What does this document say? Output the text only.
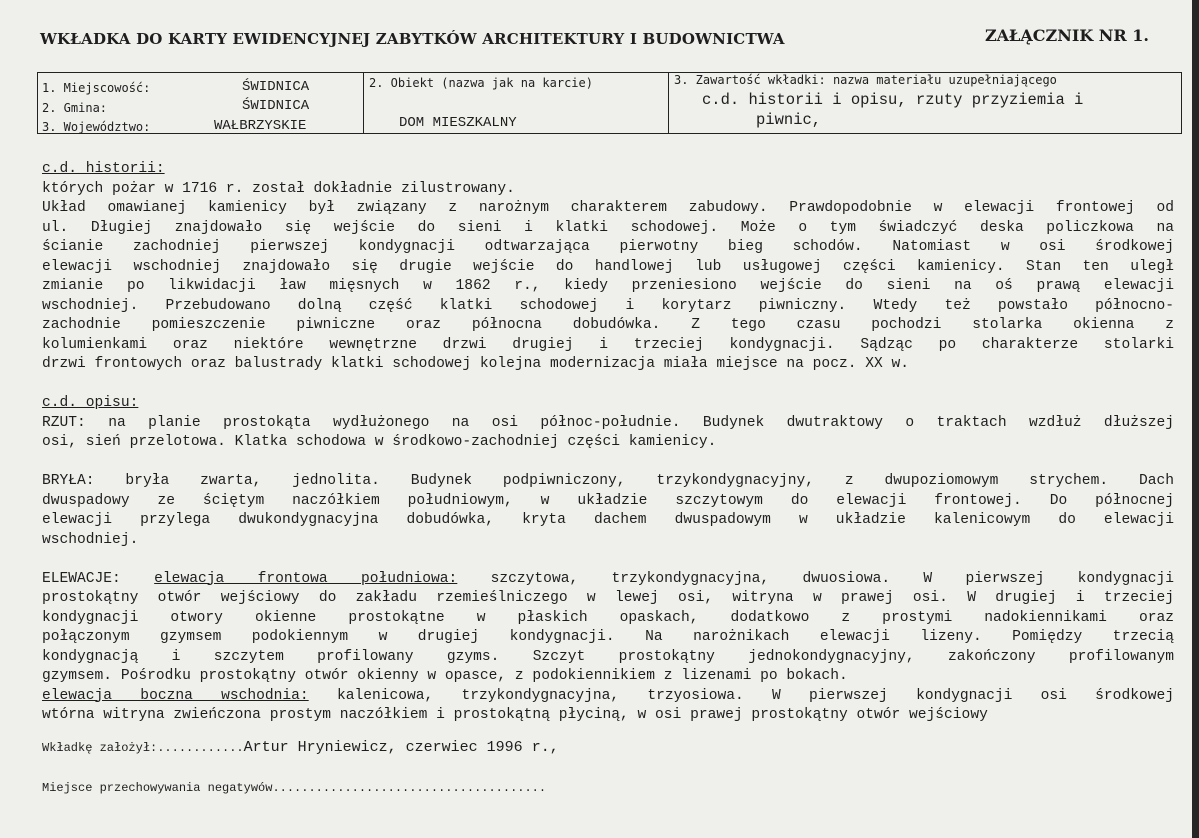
WKŁADKA DO KARTY EWIDENCYJNEJ ZABYTKÓW ARCHITEKTURY I BUDOWNICTWA	ZAŁĄCZNIK NR 1.
1. Miejscowość:	ŚWIDNICA
2. Gmina:	ŚWIDNICA
3. Województwo:	WAŁBRZYSKIE
2. Obiekt (nazwa jak na karcie)
DOM MIESZKALNY
3. Zawartość wkładki: nazwa materiału uzupełniającego
c.d. historii i opisu, rzuty przyziemia i
piwnic,
c.d. historii:
których pożar w 1716 r. został dokładnie zilustrowany.
Układ omawianej kamienicy był związany z narożnym charakterem zabudowy. Prawdopodobnie w elewacji frontowej od
ul. Długiej znajdowało się wejście do sieni i klatki schodowej. Może o tym świadczyć deska policzkowa na
ścianie zachodniej pierwszej kondygnacji odtwarzająca pierwotny bieg schodów. Natomiast w osi środkowej
elewacji wschodniej znajdowało się drugie wejście do handlowej lub usługowej części kamienicy. Stan ten uległ
zmianie po likwidacji ław mięsnych w 1862 r., kiedy przeniesiono wejście do sieni na oś prawą elewacji
wschodniej. Przebudowano dolną część klatki schodowej i korytarz piwniczny. Wtedy też powstało północno-
zachodnie pomieszczenie piwniczne oraz północna dobudówka. Z tego czasu pochodzi stolarka okienna z
kolumienkami oraz niektóre wewnętrzne drzwi drugiej i trzeciej kondygnacji. Sądząc po charakterze stolarki
drzwi frontowych oraz balustrady klatki schodowej kolejna modernizacja miała miejsce na pocz. XX w.
c.d. opisu:
RZUT: na planie prostokąta wydłużonego na osi północ-południe. Budynek dwutraktowy o traktach wzdłuż dłuższej
osi, sień przelotowa. Klatka schodowa w środkowo-zachodniej części kamienicy.
BRYŁA: bryła zwarta, jednolita. Budynek podpiwniczony, trzykondygnacyjny, z dwupoziomowym strychem. Dach
dwuspadowy ze ściętym naczółkiem południowym, w układzie szczytowym do elewacji frontowej. Do północnej
elewacji przylega dwukondygnacyjna dobudówka, kryta dachem dwuspadowym w układzie kalenicowym do elewacji
wschodniej.
ELEWACJE: elewacja frontowa południowa: szczytowa, trzykondygnacyjna, dwuosiowa. W pierwszej kondygnacji
prostokątny otwór wejściowy do zakładu rzemieślniczego w lewej osi, witryna w prawej osi. W drugiej i trzeciej
kondygnacji otwory okienne prostokątne w płaskich opaskach, dodatkowo z prostymi nadokiennikami oraz
połączonym gzymsem podokiennym w drugiej kondygnacji. Na narożnikach elewacji lizeny. Pomiędzy trzecią
kondygnacją i szczytem profilowany gzyms. Szczyt prostokątny jednokondygnacyjny, zakończony profilowanym
gzymsem. Pośrodku prostokątny otwór okienny w opasce, z podokiennikiem z lizenami po bokach.
elewacja boczna wschodnia: kalenicowa, trzykondygnacyjna, trzyosiowa. W pierwszej kondygnacji osi środkowej
wtórna witryna zwieńczona prostym naczółkiem i prostokątną płyciną, w osi prawej prostokątny otwór wejściowy
Wkładkę założył:............Artur Hryniewicz, czerwiec 1996 r.,
Miejsce przechowywania negatywów......................................
